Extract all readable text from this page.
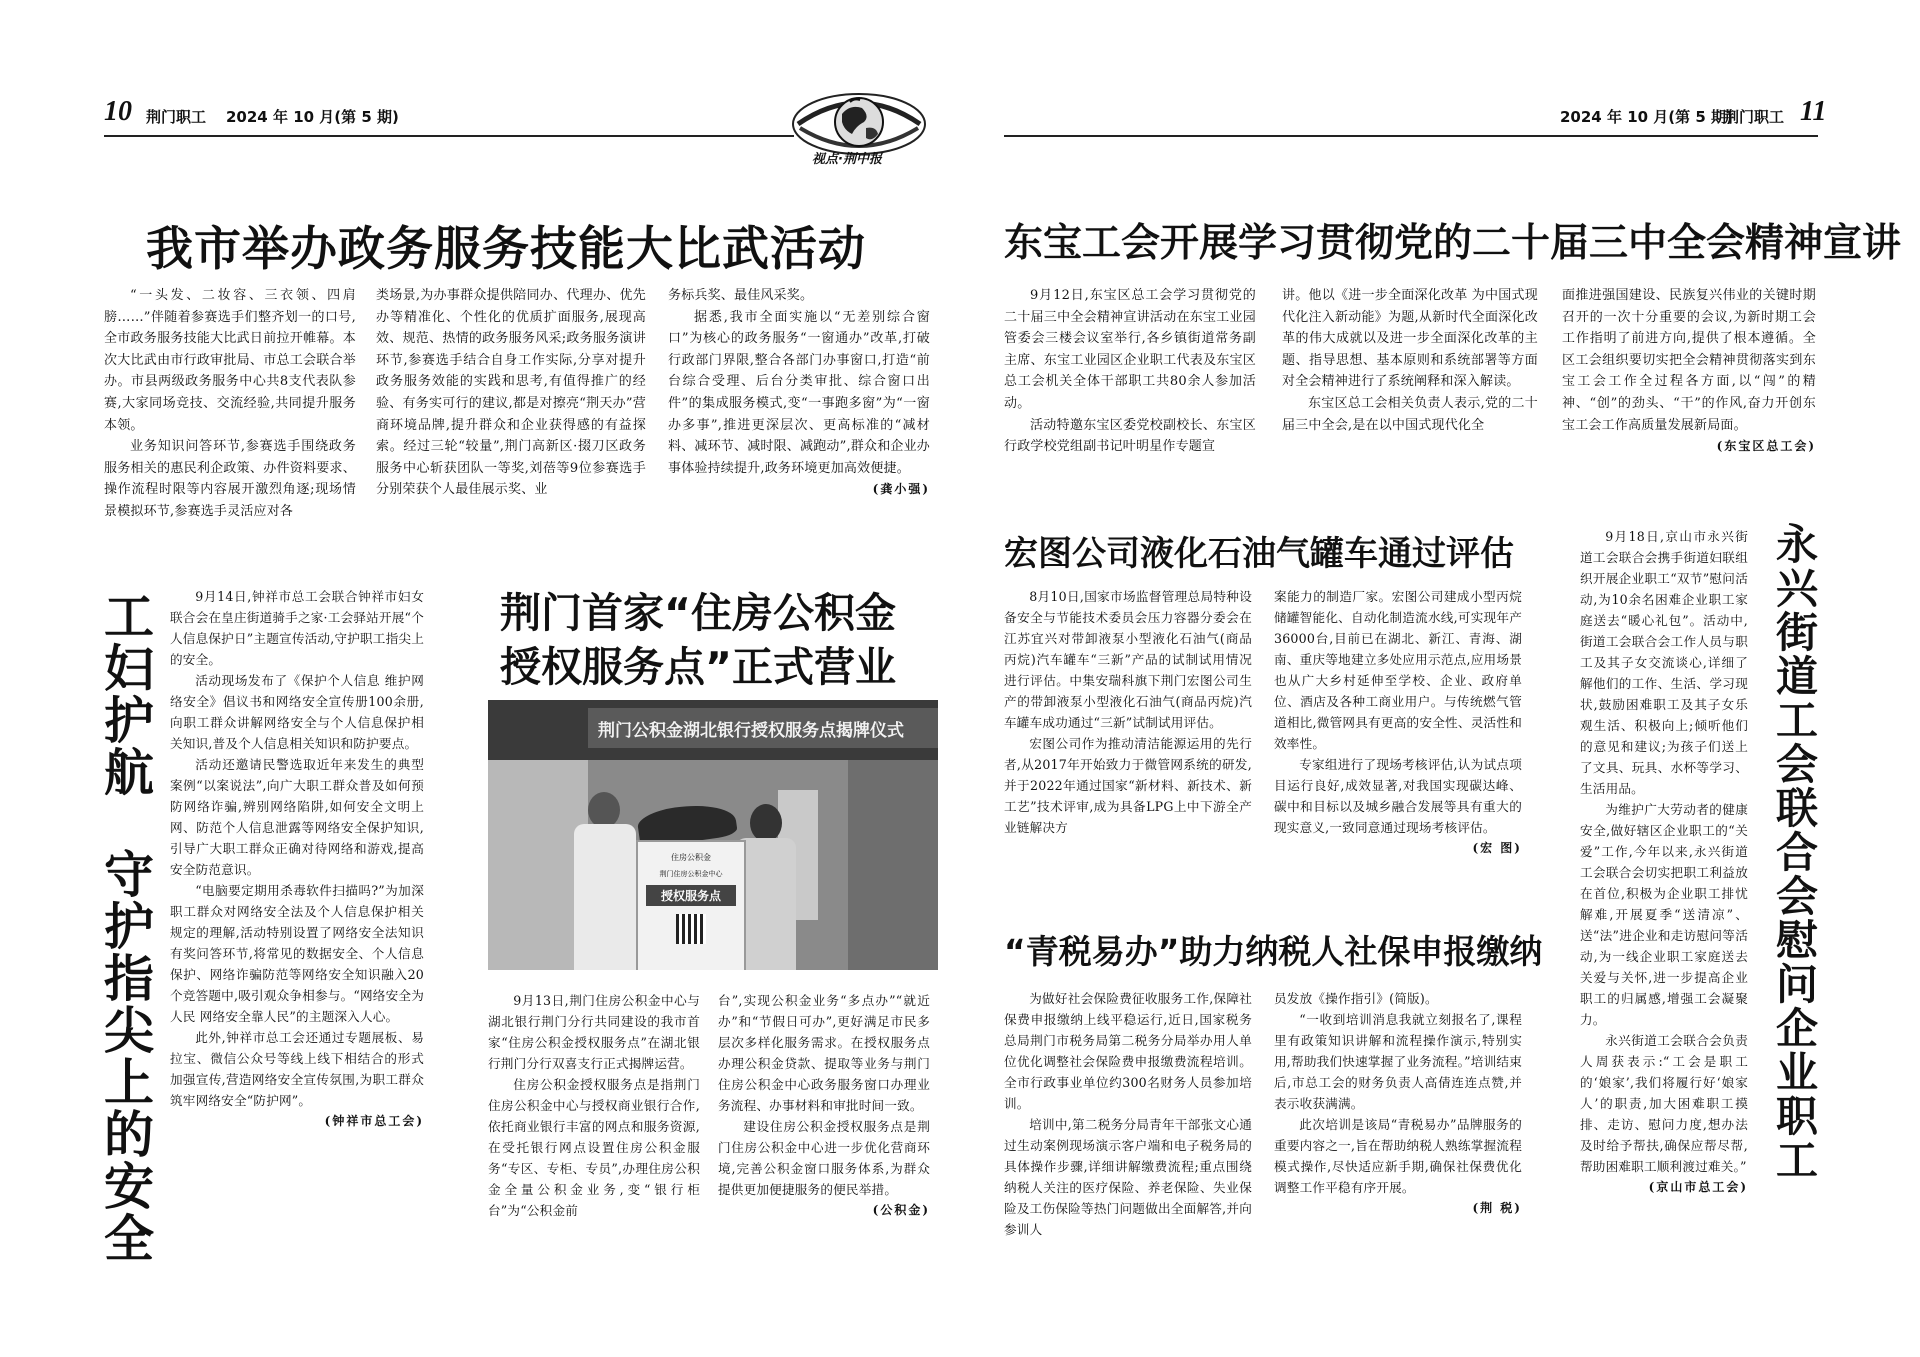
10 荆门职工 2024 年 10 月(第 5 期)
视点·荆中报
2024 年 10 月(第 5 期)
荆门职工 11
我市举办政务服务技能大比武活动

“一头发、二妆容、三衣领、四肩膀……”伴随着参赛选手们整齐划一的口号,全市政务服务技能大比武日前拉开帷幕。本次大比武由市行政审批局、市总工会联合举办。市县两级政务服务中心共8支代表队参赛,大家同场竞技、交流经验,共同提升服务本领。

业务知识问答环节,参赛选手围绕政务服务相关的惠民利企政策、办件资料要求、操作流程时限等内容展开激烈角逐;现场情景模拟环节,参赛选手灵活应对各

类场景,为办事群众提供陪同办、代理办、优先办等精准化、个性化的优质扩面服务,展现高效、规范、热情的政务服务风采;政务服务演讲环节,参赛选手结合自身工作实际,分享对提升政务服务效能的实践和思考,有值得推广的经验、有务实可行的建议,都是对擦亮“荆天办”营商环境品牌,提升群众和企业获得感的有益探索。经过三轮“较量”,荆门高新区·掇刀区政务服务中心斩获团队一等奖,刘蓓等9位参赛选手分别荣获个人最佳展示奖、业

务标兵奖、最佳风采奖。

据悉,我市全面实施以“无差别综合窗口”为核心的政务服务“一窗通办”改革,打破行政部门界限,整合各部门办事窗口,打造“前台综合受理、后台分类审批、综合窗口出件”的集成服务模式,变“一事跑多窗”为“一窗办多事”,推进更深层次、更高标准的“减材料、减环节、减时限、减跑动”,群众和企业办事体验持续提升,政务环境更加高效便捷。

(龚小强)

工妇护航
守护指尖上的安全

9月14日,钟祥市总工会联合钟祥市妇女联合会在皇庄街道骑手之家·工会驿站开展“个人信息保护日”主题宣传活动,守护职工指尖上的安全。

活动现场发布了《保护个人信息 维护网络安全》倡议书和网络安全宣传册100余册,向职工群众讲解网络安全与个人信息保护相关知识,普及个人信息相关知识和防护要点。

活动还邀请民警选取近年来发生的典型案例“以案说法”,向广大职工群众普及如何预防网络诈骗,辨别网络陷阱,如何安全文明上网、防范个人信息泄露等网络安全保护知识,引导广大职工群众正确对待网络和游戏,提高安全防范意识。

“电脑要定期用杀毒软件扫描吗?”为加深职工群众对网络安全法及个人信息保护相关规定的理解,活动特别设置了网络安全法知识有奖问答环节,将常见的数据安全、个人信息保护、网络诈骗防范等网络安全知识融入20个竞答题中,吸引观众争相参与。“网络安全为人民 网络安全靠人民”的主题深入人心。

此外,钟祥市总工会还通过专题展板、易拉宝、微信公众号等线上线下相结合的形式加强宣传,营造网络安全宣传氛围,为职工群众筑牢网络安全“防护网”。

(钟祥市总工会)

荆门首家“住房公积金
授权服务点”正式营业
荆门公积金湖北银行授权服务点揭牌仪式
住房公积金
荆门住房公积金中心
授权服务点

9月13日,荆门住房公积金中心与湖北银行荆门分行共同建设的我市首家“住房公积金授权服务点”在湖北银行荆门分行双喜支行正式揭牌运营。

住房公积金授权服务点是指荆门住房公积金中心与授权商业银行合作,依托商业银行丰富的网点和服务资源,在受托银行网点设置住房公积金服务“专区、专柜、专员”,办理住房公积金全量公积金业务,变“银行柜台”为“公积金前

台”,实现公积金业务“多点办”“就近办”和“节假日可办”,更好满足市民多层次多样化服务需求。在授权服务点办理公积金贷款、提取等业务与荆门住房公积金中心政务服务窗口办理业务流程、办事材料和审批时间一致。

建设住房公积金授权服务点是荆门住房公积金中心进一步优化营商环境,完善公积金窗口服务体系,为群众提供更加便捷服务的便民举措。

(公积金)

东宝工会开展学习贯彻党的二十届三中全会精神宣讲

9月12日,东宝区总工会学习贯彻党的二十届三中全会精神宣讲活动在东宝工业园管委会三楼会议室举行,各乡镇街道常务副主席、东宝工业园区企业职工代表及东宝区总工会机关全体干部职工共80余人参加活动。

活动特邀东宝区委党校副校长、东宝区行政学校党组副书记叶明星作专题宣

讲。他以《进一步全面深化改革 为中国式现代化注入新动能》为题,从新时代全面深化改革的伟大成就以及进一步全面深化改革的主题、指导思想、基本原则和系统部署等方面对全会精神进行了系统阐释和深入解读。

东宝区总工会相关负责人表示,党的二十届三中全会,是在以中国式现代化全

面推进强国建设、民族复兴伟业的关键时期召开的一次十分重要的会议,为新时期工会工作指明了前进方向,提供了根本遵循。全区工会组织要切实把全会精神贯彻落实到东宝工会工作全过程各方面,以“闯”的精神、“创”的劲头、“干”的作风,奋力开创东宝工会工作高质量发展新局面。

(东宝区总工会)

宏图公司液化石油气罐车通过评估

8月10日,国家市场监督管理总局特种设备安全与节能技术委员会压力容器分委会在江苏宜兴对带卸液泵小型液化石油气(商品丙烷)汽车罐车“三新”产品的试制试用情况进行评估。中集安瑞科旗下荆门宏图公司生产的带卸液泵小型液化石油气(商品丙烷)汽车罐车成功通过“三新”试制试用评估。

宏图公司作为推动清洁能源运用的先行者,从2017年开始致力于微管网系统的研发,并于2022年通过国家“新材料、新技术、新工艺”技术评审,成为具备LPG上中下游全产业链解决方

案能力的制造厂家。宏图公司建成小型丙烷储罐智能化、自动化制造流水线,可实现年产36000台,目前已在湖北、新江、青海、湖南、重庆等地建立多处应用示范点,应用场景也从广大乡村延伸至学校、企业、政府单位、酒店及各种工商业用户。与传统燃气管道相比,微管网具有更高的安全性、灵活性和效率性。

专家组进行了现场考核评估,认为试点项目运行良好,成效显著,对我国实现碳达峰、碳中和目标以及城乡融合发展等具有重大的现实意义,一致同意通过现场考核评估。

(宏 图)

“青税易办”助力纳税人社保申报缴纳

为做好社会保险费征收服务工作,保障社保费申报缴纳上线平稳运行,近日,国家税务总局荆门市税务局第二税务分局举办用人单位优化调整社会保险费申报缴费流程培训。全市行政事业单位约300名财务人员参加培训。

培训中,第二税务分局青年干部张文心通过生动案例现场演示客户端和电子税务局的具体操作步骤,详细讲解缴费流程;重点围绕纳税人关注的医疗保险、养老保险、失业保险及工伤保险等热门问题做出全面解答,并向参训人

员发放《操作指引》(简版)。

“一收到培训消息我就立刻报名了,课程里有政策知识讲解和流程操作演示,特别实用,帮助我们快速掌握了业务流程。”培训结束后,市总工会的财务负责人高倩连连点赞,并表示收获满满。

此次培训是该局“青税易办”品牌服务的重要内容之一,旨在帮助纳税人熟练掌握流程模式操作,尽快适应新手期,确保社保费优化调整工作平稳有序开展。

(荆 税)

9月18日,京山市永兴街道工会联合会携手街道妇联组织开展企业职工“双节”慰问活动,为10余名困难企业职工家庭送去“暖心礼包”。活动中,街道工会联合会工作人员与职工及其子女交流谈心,详细了解他们的工作、生活、学习现状,鼓励困难职工及其子女乐观生活、积极向上;倾听他们的意见和建议;为孩子们送上了文具、玩具、水杯等学习、生活用品。

为维护广大劳动者的健康安全,做好辖区企业职工的“关爱”工作,今年以来,永兴街道工会联合会切实把职工利益放在首位,积极为企业职工排忧解难,开展夏季“送清凉”、送“法”进企业和走访慰问等活动,为一线企业职工家庭送去关爱与关怀,进一步提高企业职工的归属感,增强工会凝聚力。

永兴街道工会联合会负责人周获表示:“工会是职工的‘娘家’,我们将履行好‘娘家人’的职责,加大困难职工摸排、走访、慰问力度,想办法及时给予帮扶,确保应帮尽帮,帮助困难职工顺利渡过难关。”

(京山市总工会)

永兴街道工会联合会慰问企业职工
